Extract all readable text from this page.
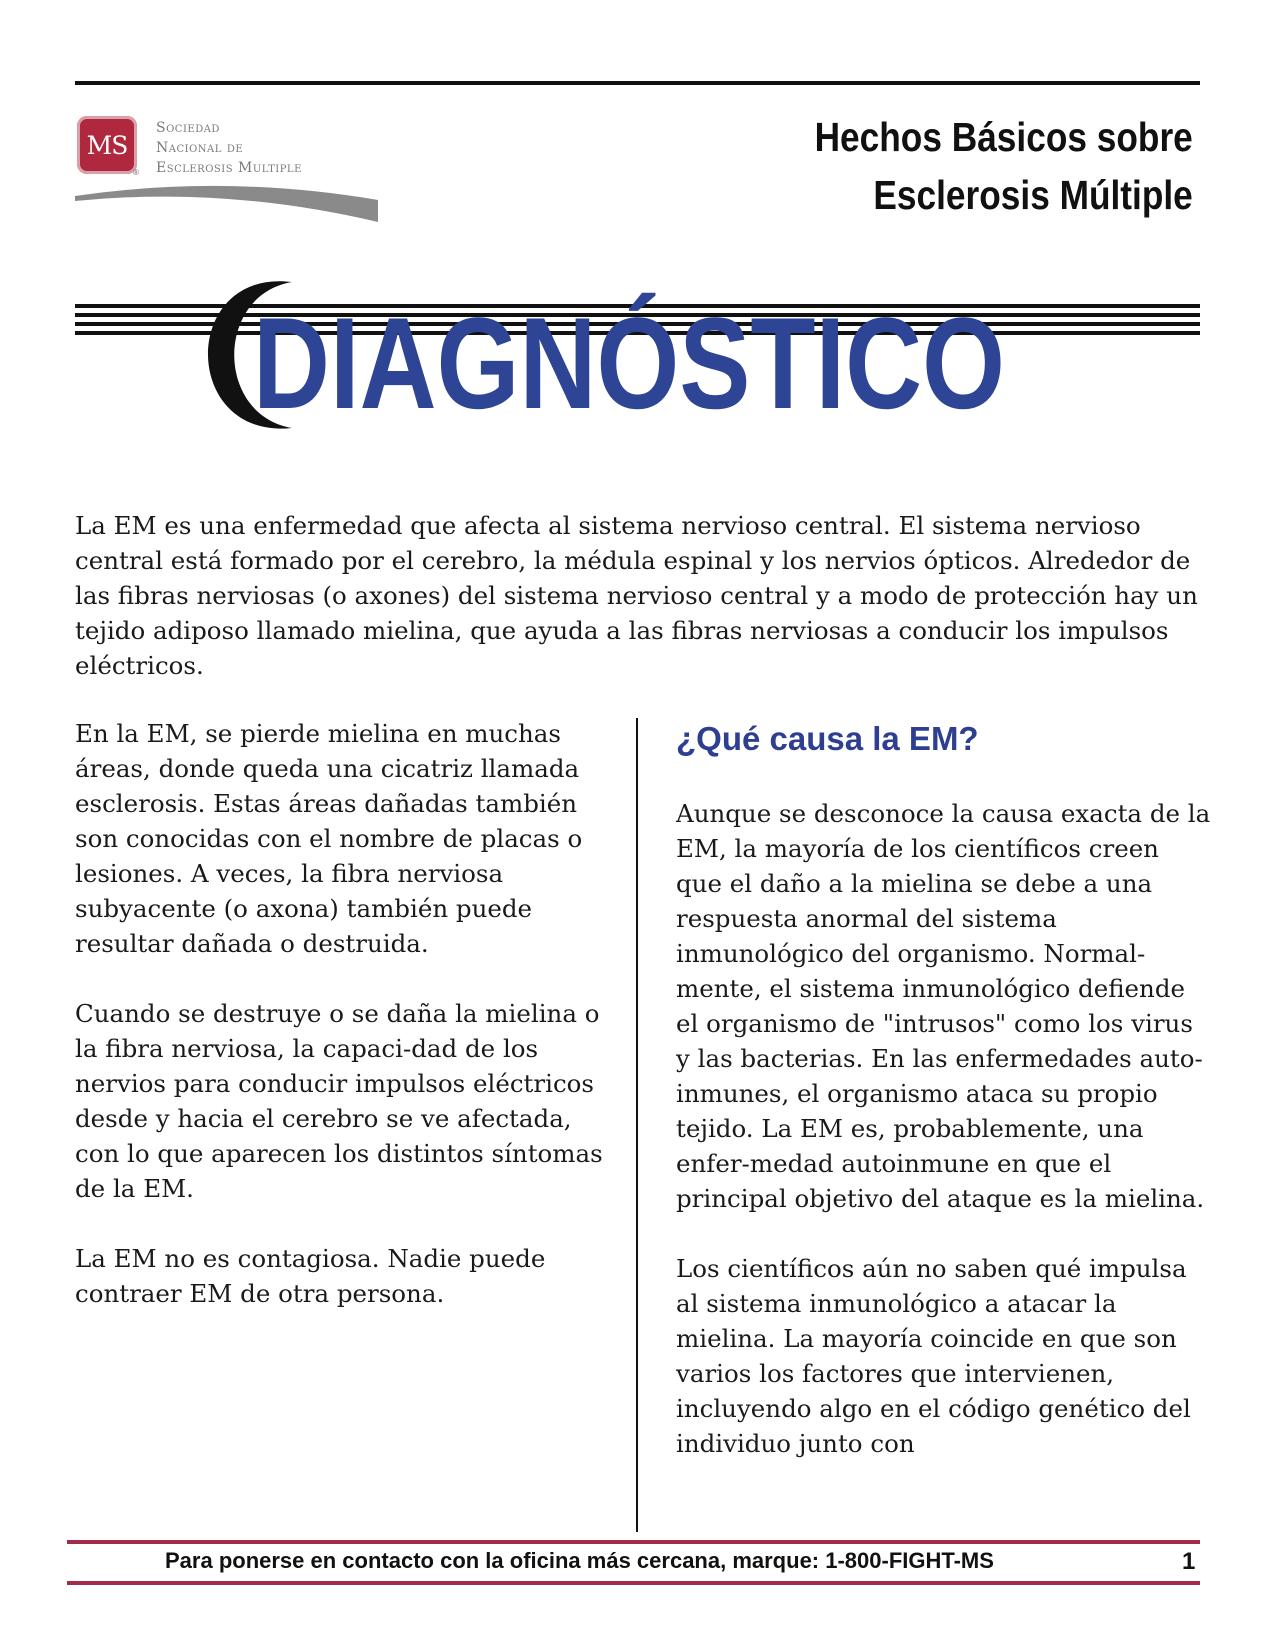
MS
®
Sociedad
Nacional de
Esclerosis Multiple
Hechos Básicos sobre
Esclerosis Múltiple
DIAGNÓSTICO

La EM es una enfermedad que afecta al sistema nervioso central. El sistema nervioso central está formado por el cerebro, la médula espinal y los nervios ópticos. Alrededor de las fibras nerviosas (o axones) del sistema nervioso central y a modo de protección hay un tejido adiposo llamado mielina, que ayuda a las fibras nerviosas a conducir los impulsos eléctricos.

En la EM, se pierde mielina en muchas áreas, donde queda una cicatriz llamada esclerosis. Estas áreas dañadas también son conocidas con el nombre de placas o lesiones. A veces, la fibra nerviosa subyacente (o axona) también puede resultar dañada o destruida.

Cuando se destruye o se daña la mielina o la fibra nerviosa, la capaci-dad de los nervios para conducir impulsos eléctricos desde y hacia el cerebro se ve afectada, con lo que aparecen los distintos síntomas de la EM.

La EM no es contagiosa. Nadie puede contraer EM de otra persona.

¿Qué causa la EM?

Aunque se desconoce la causa exacta de la EM, la mayoría de los científicos creen que el daño a la mielina se debe a una respuesta anormal del sistema inmunológico del organismo. Normal-mente, el sistema inmunológico defiende el organismo de "intrusos" como los virus y las bacterias. En las enfermedades auto-inmunes, el organismo ataca su propio tejido. La EM es, probablemente, una enfer-medad autoinmune en que el principal objetivo del ataque es la mielina.

Los científicos aún no saben qué impulsa al sistema inmunológico a atacar la mielina. La mayoría coincide en que son varios los factores que intervienen, incluyendo algo en el código genético del individuo junto con

Para ponerse en contacto con la oficina más cercana, marque: 1-800-FIGHT-MS	1
